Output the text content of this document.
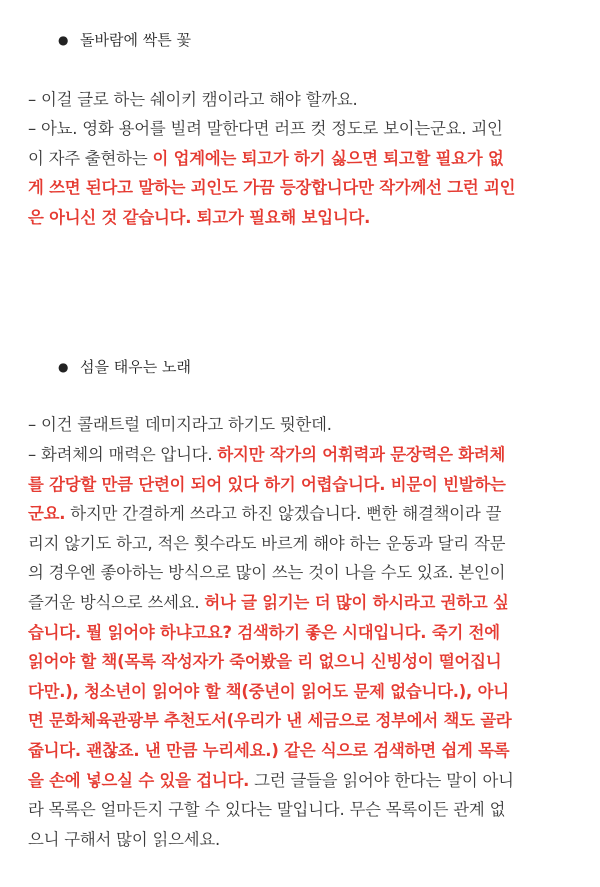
● 돌바람에 싹튼 꽃
– 이걸 글로 하는 쉐이키 캠이라고 해야 할까요.
– 아뇨. 영화 용어를 빌려 말한다면 러프 컷 정도로 보이는군요. 괴인
이 자주 출현하는 이 업계에는 퇴고가 하기 싫으면 퇴고할 필요가 없
게 쓰면 된다고 말하는 괴인도 가끔 등장합니다만 작가께선 그런 괴인
은 아니신 것 같습니다. 퇴고가 필요해 보입니다.
● 섬을 태우는 노래
– 이건 콜래트럴 데미지라고 하기도 뭣한데.
– 화려체의 매력은 압니다. 하지만 작가의 어휘력과 문장력은 화려체
를 감당할 만큼 단련이 되어 있다 하기 어렵습니다. 비문이 빈발하는
군요. 하지만 간결하게 쓰라고 하진 않겠습니다. 뻔한 해결책이라 끌
리지 않기도 하고, 적은 횟수라도 바르게 해야 하는 운동과 달리 작문
의 경우엔 좋아하는 방식으로 많이 쓰는 것이 나을 수도 있죠. 본인이
즐거운 방식으로 쓰세요. 허나 글 읽기는 더 많이 하시라고 권하고 싶
습니다. 뭘 읽어야 하냐고요? 검색하기 좋은 시대입니다. 죽기 전에
읽어야 할 책(목록 작성자가 죽어봤을 리 없으니 신빙성이 떨어집니
다만.), 청소년이 읽어야 할 책(중년이 읽어도 문제 없습니다.), 아니
면 문화체육관광부 추천도서(우리가 낸 세금으로 정부에서 책도 골라
줍니다. 괜찮죠. 낸 만큼 누리세요.) 같은 식으로 검색하면 쉽게 목록
을 손에 넣으실 수 있을 겁니다. 그런 글들을 읽어야 한다는 말이 아니
라 목록은 얼마든지 구할 수 있다는 말입니다. 무슨 목록이든 관계 없
으니 구해서 많이 읽으세요.
